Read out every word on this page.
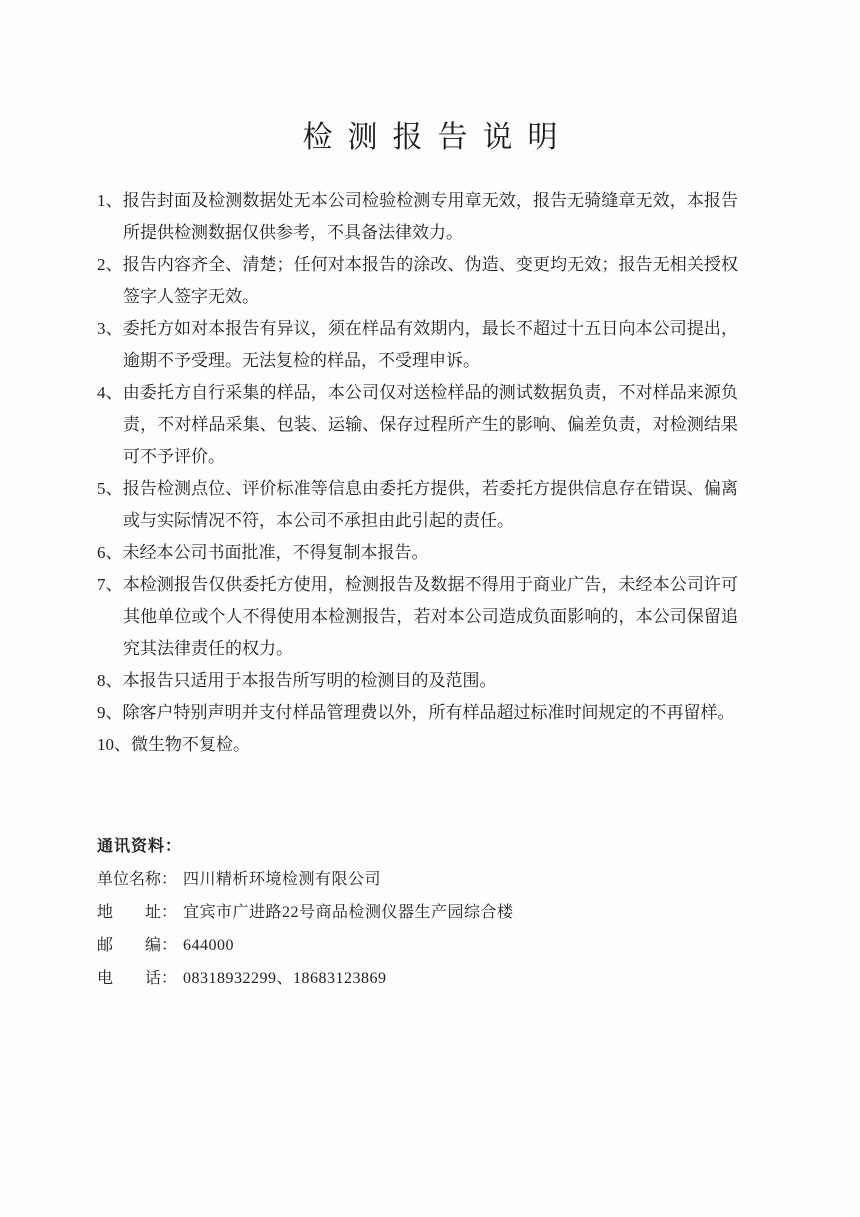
检测报告说明
1、报告封面及检测数据处无本公司检验检测专用章无效，报告无骑缝章无效，本报告所提供检测数据仅供参考，不具备法律效力。
2、报告内容齐全、清楚；任何对本报告的涂改、伪造、变更均无效；报告无相关授权签字人签字无效。
3、委托方如对本报告有异议，须在样品有效期内，最长不超过十五日向本公司提出，逾期不予受理。无法复检的样品，不受理申诉。
4、由委托方自行采集的样品，本公司仅对送检样品的测试数据负责，不对样品来源负责，不对样品采集、包装、运输、保存过程所产生的影响、偏差负责，对检测结果可不予评价。
5、报告检测点位、评价标准等信息由委托方提供，若委托方提供信息存在错误、偏离或与实际情况不符，本公司不承担由此引起的责任。
6、未经本公司书面批准，不得复制本报告。
7、本检测报告仅供委托方使用，检测报告及数据不得用于商业广告，未经本公司许可其他单位或个人不得使用本检测报告，若对本公司造成负面影响的，本公司保留追究其法律责任的权力。
8、本报告只适用于本报告所写明的检测目的及范围。
9、除客户特别声明并支付样品管理费以外，所有样品超过标准时间规定的不再留样。
10、微生物不复检。
通讯资料：
单位名称： 四川精析环境检测有限公司
地　　址： 宜宾市广进路22号商品检测仪器生产园综合楼
邮　　编： 644000
电　　话： 08318932299、18683123869
